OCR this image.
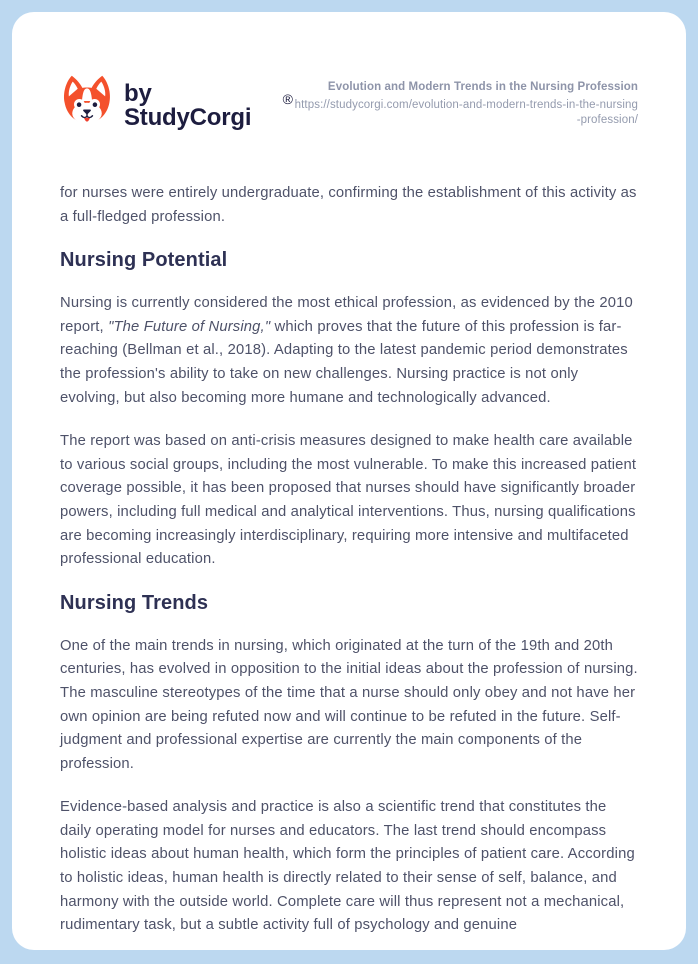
by StudyCorgi
®
Evolution and Modern Trends in the Nursing Profession
https://studycorgi.com/evolution-and-modern-trends-in-the-nursing-profession/

for nurses were entirely undergraduate, confirming the establishment of this activity as a full-fledged profession.

Nursing Potential

Nursing is currently considered the most ethical profession, as evidenced by the 2010 report, "The Future of Nursing," which proves that the future of this profession is far-reaching (Bellman et al., 2018). Adapting to the latest pandemic period demonstrates the profession's ability to take on new challenges. Nursing practice is not only evolving, but also becoming more humane and technologically advanced.

The report was based on anti-crisis measures designed to make health care available to various social groups, including the most vulnerable. To make this increased patient coverage possible, it has been proposed that nurses should have significantly broader powers, including full medical and analytical interventions. Thus, nursing qualifications are becoming increasingly interdisciplinary, requiring more intensive and multifaceted professional education.

Nursing Trends

One of the main trends in nursing, which originated at the turn of the 19th and 20th centuries, has evolved in opposition to the initial ideas about the profession of nursing. The masculine stereotypes of the time that a nurse should only obey and not have her own opinion are being refuted now and will continue to be refuted in the future. Self-judgment and professional expertise are currently the main components of the profession.

Evidence-based analysis and practice is also a scientific trend that constitutes the daily operating model for nurses and educators. The last trend should encompass holistic ideas about human health, which form the principles of patient care. According to holistic ideas, human health is directly related to their sense of self, balance, and harmony with the outside world. Complete care will thus represent not a mechanical, rudimentary task, but a subtle activity full of psychology and genuine
